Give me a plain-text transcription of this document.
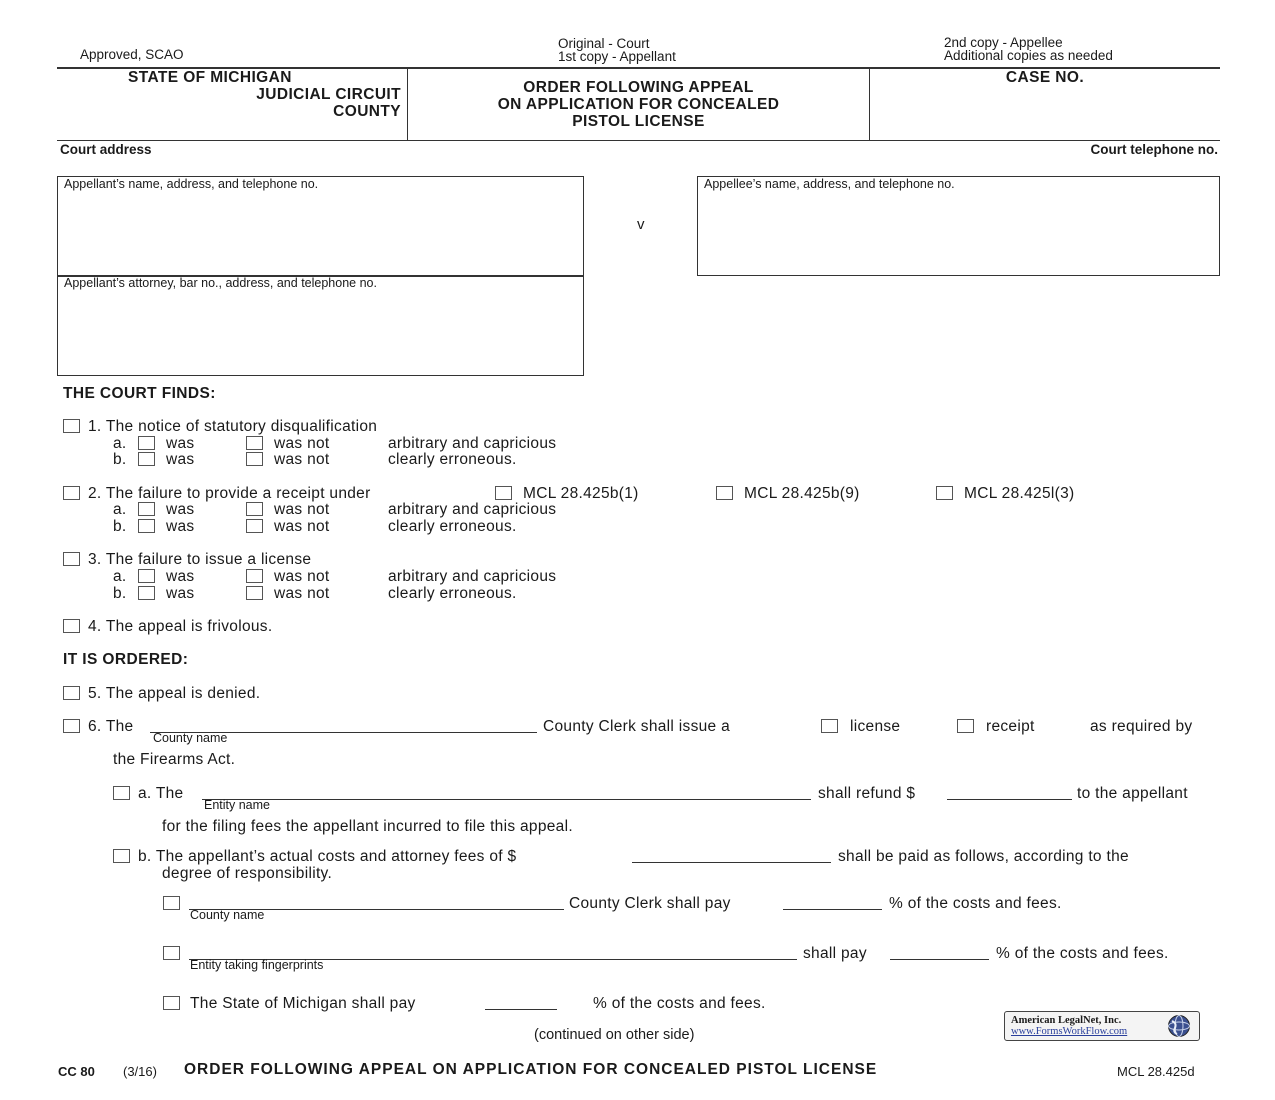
Approved, SCAO
Original - Court
1st copy - Appellant
2nd copy - Appellee
Additional copies as needed
STATE OF MICHIGAN
JUDICIAL CIRCUIT
COUNTY
ORDER FOLLOWING APPEAL
ON APPLICATION FOR CONCEALED
PISTOL LICENSE
CASE NO.
Court address	Court telephone no.
Appellant’s name, address, and telephone no.
Appellant’s attorney, bar no., address, and telephone no.
v
Appellee’s name, address, and telephone no.
THE COURT FINDS:
1. The notice of statutory disqualification
a.	was	was not	arbitrary and capricious
b.	was	was not	clearly erroneous.
2. The failure to provide a receipt under	MCL 28.425b(1)	MCL 28.425b(9)	MCL 28.425l(3)
a.	was	was not	arbitrary and capricious
b.	was	was not	clearly erroneous.
3. The failure to issue a license
a.	was	was not	arbitrary and capricious
b.	was	was not	clearly erroneous.
4. The appeal is frivolous.
IT IS ORDERED:
5. The appeal is denied.
6. The
County name
County Clerk shall issue a	license	receipt	as required by
the Firearms Act.
a. The
Entity name
shall refund $	to the appellant
for the filing fees the appellant incurred to file this appeal.
b. The appellant’s actual costs and attorney fees of $	shall be paid as follows, according to the
degree of responsibility.
County name
County Clerk shall pay	% of the costs and fees.
Entity taking fingerprints
shall pay	% of the costs and fees.
The State of Michigan shall pay	% of the costs and fees.
(continued on other side)
American LegalNet, Inc.
www.FormsWorkFlow.com
CC 80 (3/16) ORDER FOLLOWING APPEAL ON APPLICATION FOR CONCEALED PISTOL LICENSE	MCL 28.425d
